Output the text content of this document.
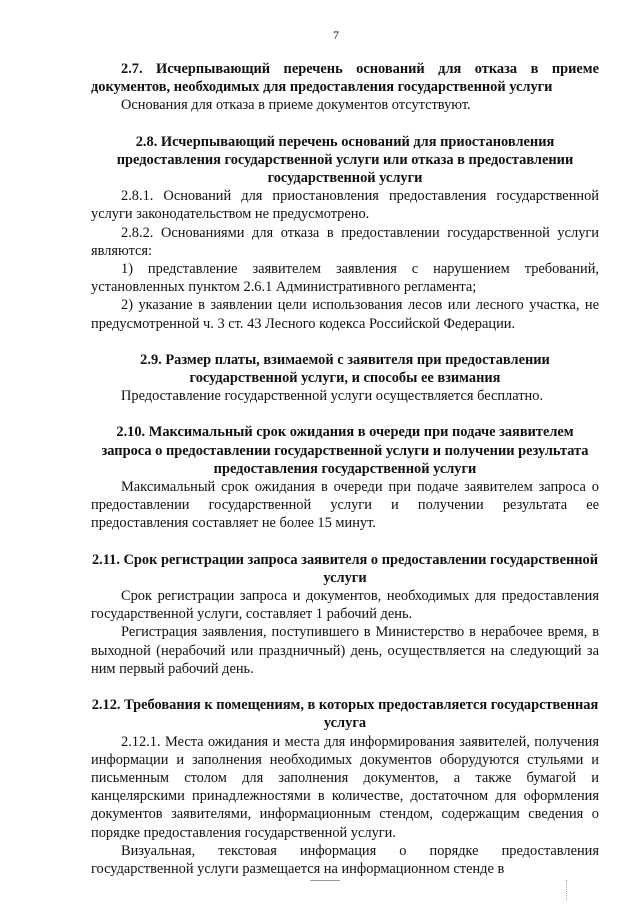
7
2.7. Исчерпывающий перечень оснований для отказа в приеме документов, необходимых для предоставления государственной услуги

Основания для отказа в приеме документов отсутствуют.

2.8. Исчерпывающий перечень оснований для приостановления предоставления государственной услуги или отказа в предоставлении государственной услуги

2.8.1. Оснований для приостановления предоставления государственной услуги законодательством не предусмотрено.

2.8.2. Основаниями для отказа в предоставлении государственной услуги являются:

1) представление заявителем заявления с нарушением требований, установленных пунктом 2.6.1 Административного регламента;

2) указание в заявлении цели использования лесов или лесного участка, не предусмотренной ч. 3 ст. 43 Лесного кодекса Российской Федерации.

2.9. Размер платы, взимаемой с заявителя при предоставлении государственной услуги, и способы ее взимания

Предоставление государственной услуги осуществляется бесплатно.

2.10. Максимальный срок ожидания в очереди при подаче заявителем запроса о предоставлении государственной услуги и получении результата предоставления государственной услуги

Максимальный срок ожидания в очереди при подаче заявителем запроса о предоставлении государственной услуги и получении результата ее предоставления составляет не более 15 минут.

2.11. Срок регистрации запроса заявителя о предоставлении государственной услуги

Срок регистрации запроса и документов, необходимых для предоставления государственной услуги, составляет 1 рабочий день.

Регистрация заявления, поступившего в Министерство в нерабочее время, в выходной (нерабочий или праздничный) день, осуществляется на следующий за ним первый рабочий день.

2.12. Требования к помещениям, в которых предоставляется государственная услуга

2.12.1. Места ожидания и места для информирования заявителей, получения информации и заполнения необходимых документов оборудуются стульями и письменным столом для заполнения документов, а также бумагой и канцелярскими принадлежностями в количестве, достаточном для оформления документов заявителями, информационным стендом, содержащим сведения о порядке предоставления государственной услуги.

Визуальная, текстовая информация о порядке предоставления государственной услуги размещается на информационном стенде в
